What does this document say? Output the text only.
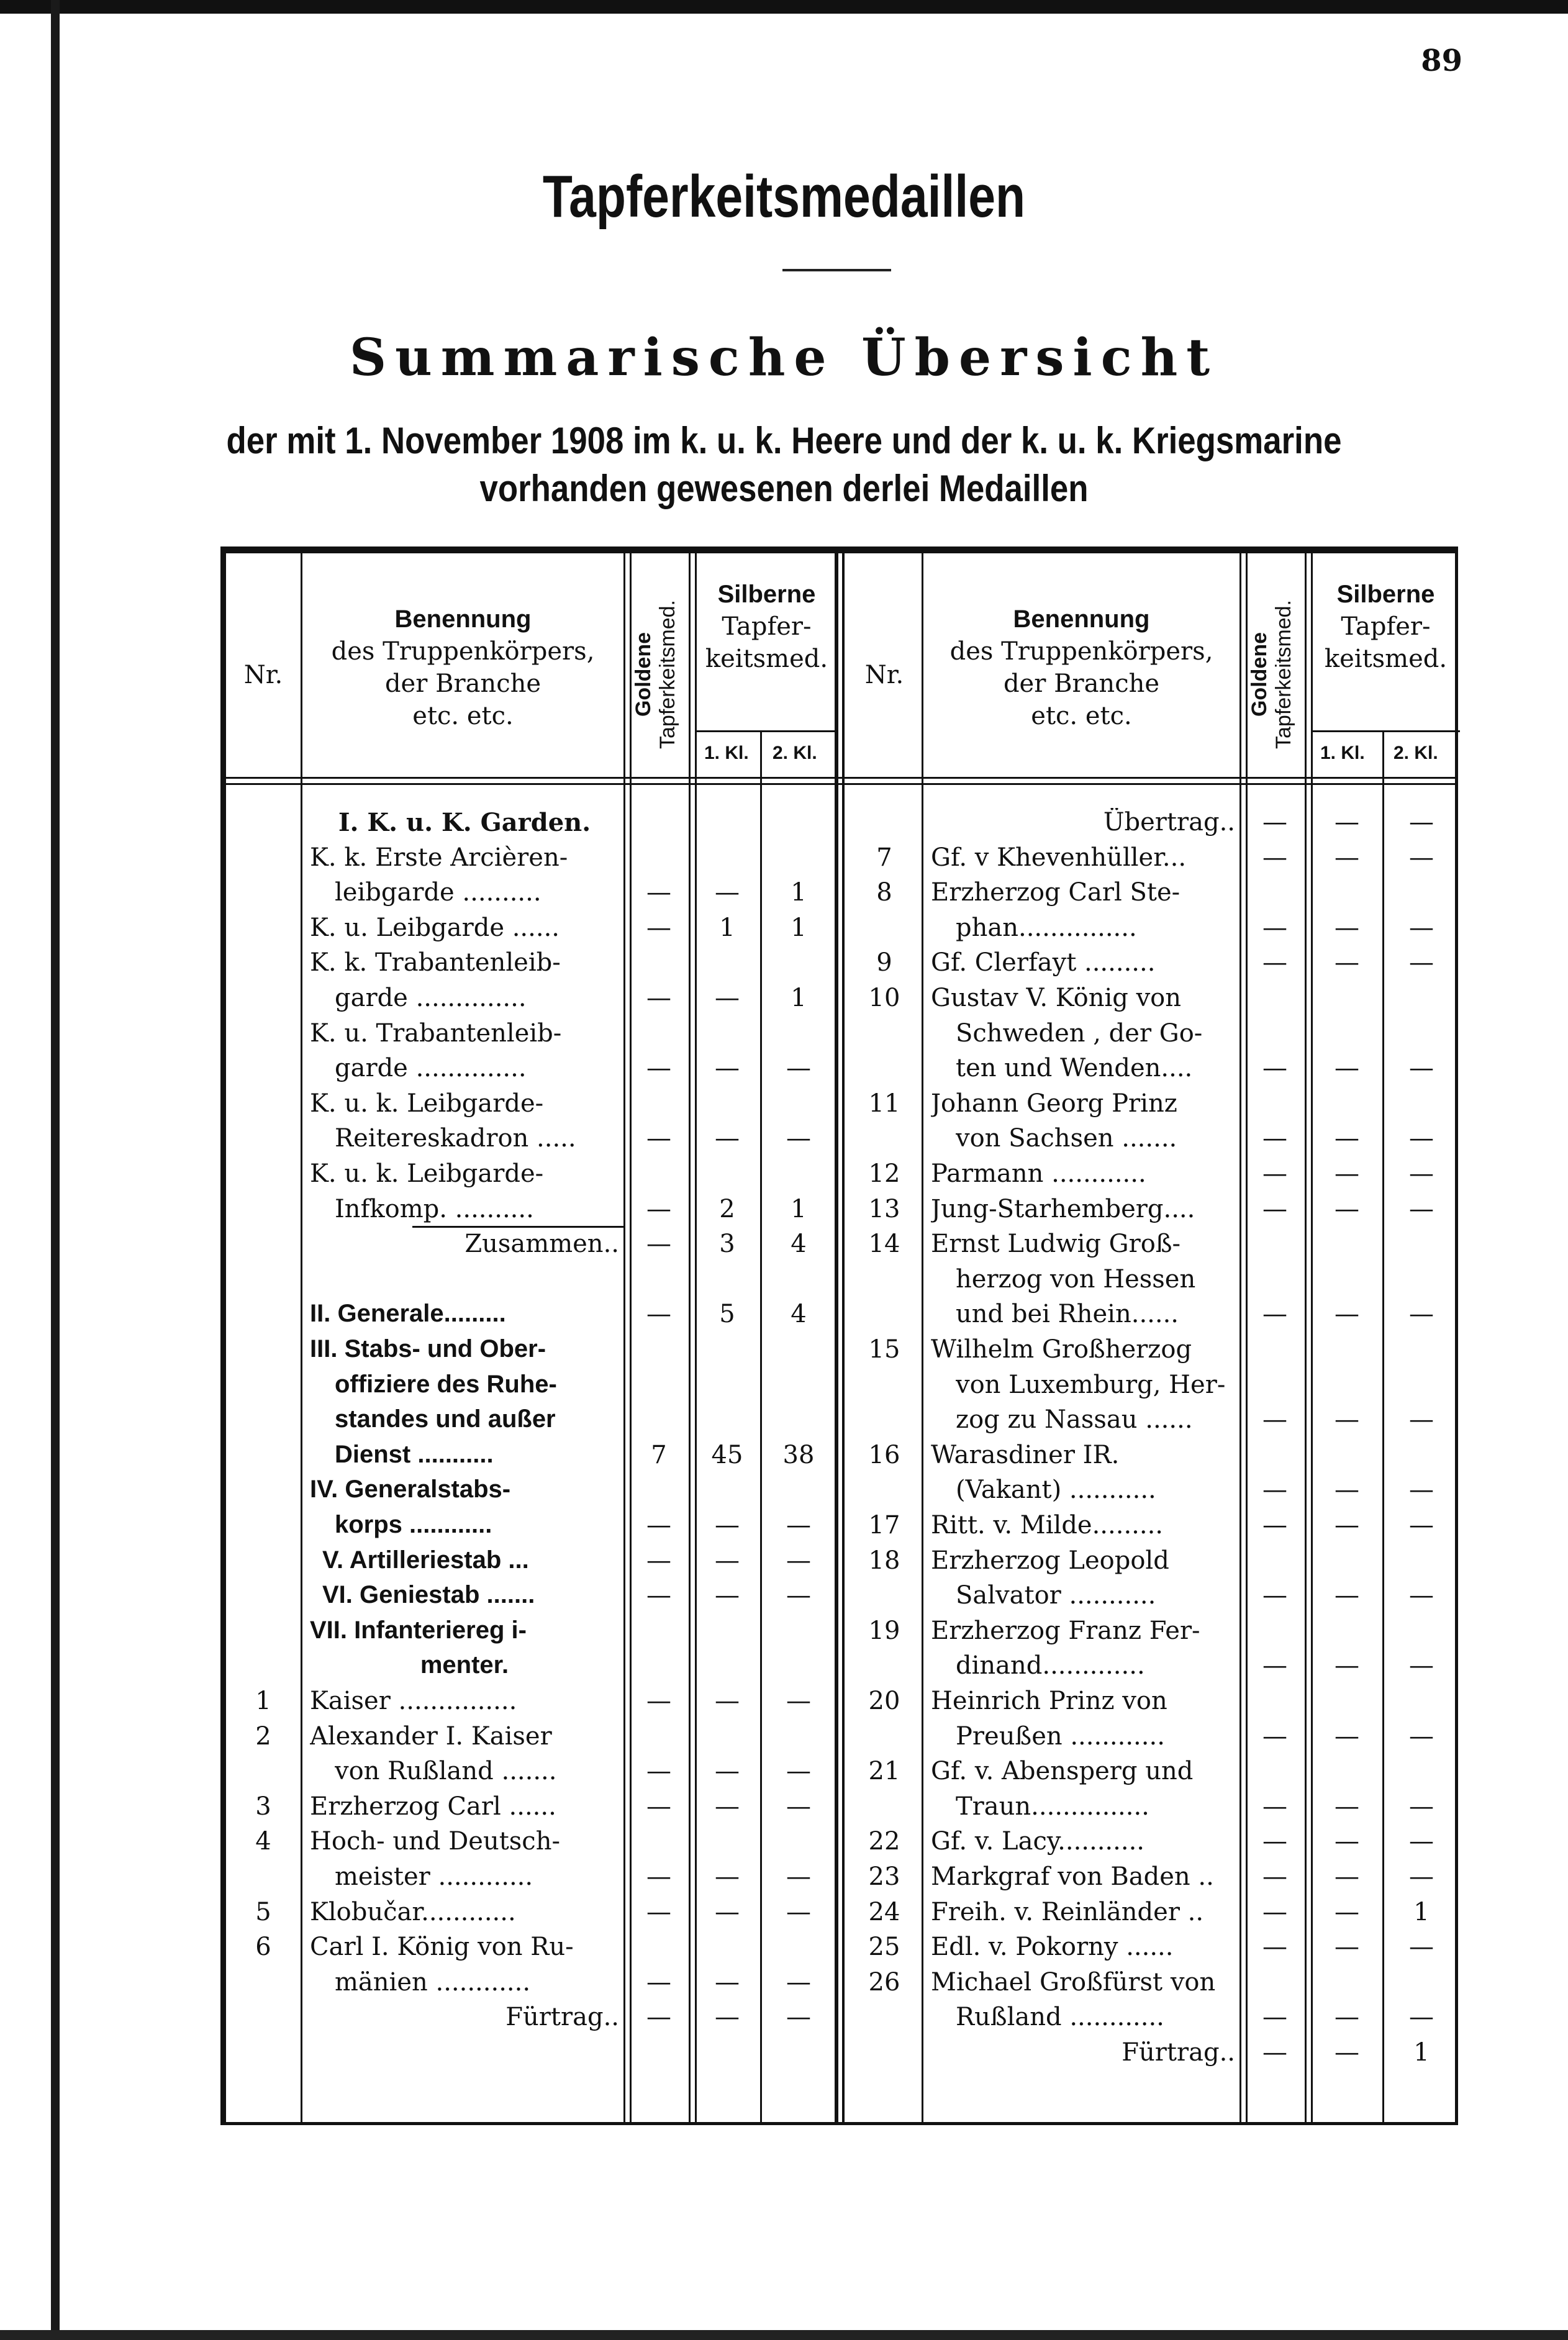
89
Tapferkeitsmedaillen
Summarische Übersicht
der mit 1. November 1908 im k. u. k. Heere und der k. u. k. Kriegsmarine
vorhanden gewesenen derlei Medaillen
Nr.
Benennung
des Truppenkörpers,
der Branche
etc. etc.	Goldene Tapferkeitsmed.
Silberne
Tapfer-
keitsmed.
1. Kl. 2. Kl.
I. K. u. K. Garden.
K. k. Erste Arcièren-
leibgarde ..........	—	—	1
K. u. Leibgarde ......	—	1	1
K. k. Trabantenleib-
garde ..............	—	—	1
K. u. Trabantenleib-
garde ..............	—	—	—
K. u. k. Leibgarde-
Reitereskadron .....	—	—	—
K. u. k. Leibgarde-
Infkomp. ..........	—	2	1
Zusammen..	—	3	4
II. Generale.........	—	5	4
III. Stabs- und Ober-
offiziere des Ruhe-
standes und außer
Dienst ...........	7	45	38
IV. Generalstabs-
korps ............	—	—	—
V. Artilleriestab ...	—	—	—
VI. Geniestab .......	—	—	—
VII. Infanteriereg i-
menter.
1	Kaiser ...............	—	—	—
2	Alexander I. Kaiser
von Rußland .......	—	—	—
3	Erzherzog Carl ......	—	—	—
4	Hoch- und Deutsch-
meister ............	—	—	—
5	Klobučar............	—	—	—
6	Carl I. König von Ru-
mänien ............	—	—	—
Fürtrag..	—	—	—
Nr.
Benennung
des Truppenkörpers,
der Branche
etc. etc.	Goldene Tapferkeitsmed.
Silberne
Tapfer-
keitsmed.
1. Kl. 2. Kl.
Übertrag..	—	—	—
7	Gf. v Khevenhüller...	—	—	—
8	Erzherzog Carl Ste-
phan...............	—	—	—
9	Gf. Clerfayt .........	—	—	—
10	Gustav V. König von
Schweden , der Go-
ten und Wenden....	—	—	—
11	Johann Georg Prinz
von Sachsen .......	—	—	—
12	Parmann ............	—	—	—
13	Jung-Starhemberg....	—	—	—
14	Ernst Ludwig Groß-
herzog von Hessen
und bei Rhein......	—	—	—
15	Wilhelm Großherzog
von Luxemburg, Her-
zog zu Nassau ......	—	—	—
16	Warasdiner IR.
(Vakant) ...........	—	—	—
17	Ritt. v. Milde.........	—	—	—
18	Erzherzog Leopold
Salvator ...........	—	—	—
19	Erzherzog Franz Fer-
dinand.............	—	—	—
20	Heinrich Prinz von
Preußen ............	—	—	—
21	Gf. v. Abensperg und
Traun...............	—	—	—
22	Gf. v. Lacy...........	—	—	—
23	Markgraf von Baden ..	—	—	—
24	Freih. v. Reinländer ..	—	—	1
25	Edl. v. Pokorny ......	—	—	—
26	Michael Großfürst von
Rußland ............	—	—	—
Fürtrag..	—	—	1
